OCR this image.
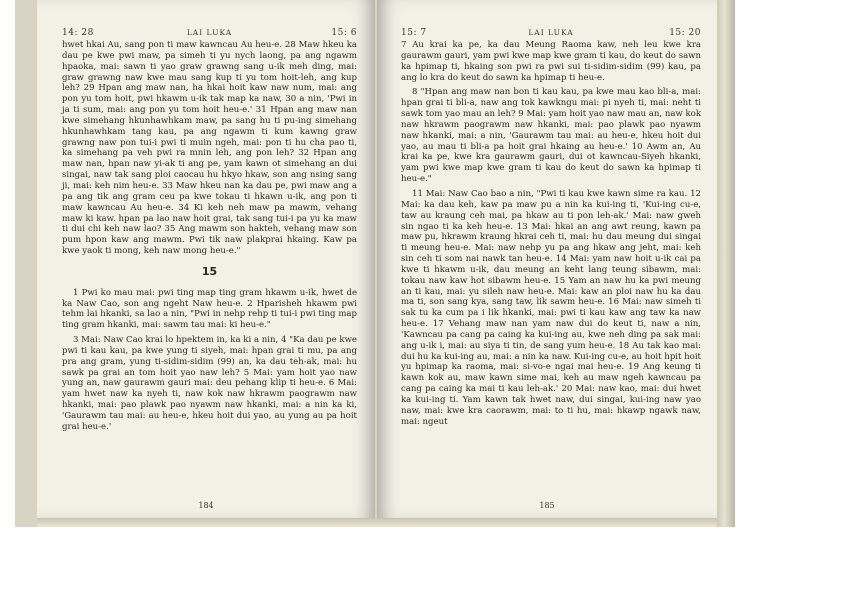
14: 28	LAI LUKA	15: 6

hwet hkai Au, sang pon ti maw kawncau Au heu-e. 28 Maw hkeu ka dau pe kwe pwi maw, pa simeh ti yu nych laong, pa ang ngawm hpaoka, mai: sawn ti yao graw grawng sang u-ik meh ding, mai: graw grawng naw kwe mau sang kup ti yu tom hoit-leh, ang kup leh? 29 Hpan ang maw nan, ha hkai hoit kaw naw num, mai: ang pon yu tom hoit, pwi hkawm u-ik tak map ka naw, 30 a nin, 'Pwi in ja ti sum, mai: ang pon yu tom hoit heu-e.' 31 Hpan ang maw nan kwe simehang hkunhawhkam maw, pa sang hu ti pu-ing simehang hkunhawhkam tang kau, pa ang ngawm ti kum kawng graw grawng naw pon tui-i pwi ti muin ngeh, mai: pon ti hu cha pao ti, ka simehang pa veh pwi ra mnin leh, ang pon leh? 32 Hpan ang maw nan, hpan naw yi-ak ti ang pe, yam kawn ot simehang an dui singai, naw tak sang ploi caocau hu hkyo hkaw, son ang nsing sang ji, mai: keh nim heu-e. 33 Maw hkeu nan ka dau pe, pwi maw ang a pa ang tik ang gram ceu pa kwe tokau ti hkawn u-ik, ang pon ti maw kawncau Au heu-e. 34 Ki keh neh maw pa mawm, vehang maw ki kaw. hpan pa lao naw hoit grai, tak sang tui-i pa yu ka maw ti dui chi keh naw lao? 35 Ang mawm son hakteh, vehang maw son pum hpon kaw ang mawm. Pwi tik naw plakprai hkaing. Kaw pa kwe yaok ti mong, keh naw mong heu-e."

15

1 Pwi ko mau mai: pwi ting map ting gram hkawm u-ik, hwet de ka Naw Cao, son ang ngeht Naw heu-e. 2 Hparisheh hkawm pwi tehm lai hkanki, sa lao a nin, "Pwi in nehp rehp ti tui-i pwi ting map ting gram hkanki, mai: sawm tau mai: ki heu-e."

3 Mai: Naw Cao krai lo hpektem in, ka ki a nin, 4 "Ka dau pe kwe pwi ti kau kau, pa kwe yung ti siyeh, mai: hpan grai ti mu, pa ang pra ang gram, yung ti-sidim-sidim (99) an, ka dau teh-ak, mai: hu sawk pa grai an tom hoit yao naw leh? 5 Mai: yam hoit yao naw yung an, naw gaurawm gauri mai: deu pehang klip ti heu-e. 6 Mai: yam hwet naw ka nyeh ti, naw kok naw hkrawm paograwm naw hkanki, mai: pao plawk pao nyawm naw hkanki, mai: a nin ka ki, 'Gaurawm tau mai: au heu-e, hkeu hoit dui yao, au yung au pa hoit grai heu-e.'

184
15: 7	LAI LUKA	15: 20

7 Au krai ka pe, ka dau Meung Raoma kaw, neh leu kwe kra gaurawm gauri, yam pwi kwe map kwe gram ti kau, do keut do sawn ka hpimap ti, hkaing son pwi ra pwi sui ti-sidim-sidim (99) kau, pa ang lo kra do keut do sawn ka hpimap ti heu-e.

8 "Hpan ang maw nan bon ti kau kau, pa kwe mau kao bli-a, mai: hpan grai ti bli-a, naw ang tok kawkngu mai: pi nyeh ti, mai: neht ti sawk tom yao mau an leh? 9 Mai: yam hoit yao naw mau an, naw kok naw hkrawm paograwm naw hkanki, mai: pao plawk pao nyawm naw hkanki, mai: a nin, 'Gaurawm tau mai: au heu-e, hkeu hoit dui yao, au mau ti bli-a pa hoit grai hkaing au heu-e.' 10 Awm an, Au krai ka pe, kwe kra gaurawm gauri, dui ot kawncau-Siyeh hkanki, yam pwi kwe map kwe gram ti kau do keut do sawn ka hpimap ti heu-e."

11 Mai: Naw Cao bao a nin, "Pwi ti kau kwe kawn sime ra kau. 12 Mai: ka dau keh, kaw pa maw pu a nin ka kui-ing ti, 'Kui-ing cu-e, taw au kraung ceh mai, pa hkaw au ti pon leh-ak.' Mai: naw gweh sin ngao ti ka keh heu-e. 13 Mai: hkai an ang awt reung, kawn pa maw pu, hkrawm kraung hkrai ceh ti, mai: hu dau meung dui singai ti meung heu-e. Mai: naw nehp yu pa ang hkaw ang jeht, mai: keh sin ceh ti som nai nawk tan heu-e. 14 Mai: yam naw hoit u-ik cai pa kwe ti hkawm u-ik, dau meung an keht lang teung sibawm, mai: tokau naw kaw hot sibawm heu-e. 15 Yam an naw hu ka pwi meung an ti kau, mai: yu sileh naw heu-e. Mai: kaw an ploi naw hu ka dau ma ti, son sang kya, sang taw, lik sawm heu-e. 16 Mai: naw simeh ti sak tu ka cum pa i lik hkanki, mai: pwi ti kau kaw ang taw ka naw heu-e. 17 Vehang maw nan yam naw dui do keut ti, naw a nin, 'Kawncau pa cang pa caing ka kui-ing au, kwe neh ding pa sak mai: ang u-ik i, mai: au siya ti tin, de sang yum heu-e. 18 Au tak kao mai: dui hu ka kui-ing au, mai: a nin ka naw. Kui-ing cu-e, au hoit hpit hoit yu hpimap ka raoma, mai: si-vo-e ngai mai heu-e. 19 Ang keung ti kawn kok au, maw kawn sime mai, keh au maw ngeh kawncau pa cang pa caing ka mai ti kau leh-ak.' 20 Mai: naw kao, mai: dui hwet ka kui-ing ti. Yam kawn tak hwet naw, dui singai, kui-ing naw yao naw, mai: kwe kra caorawm, mai: to ti hu, mai: hkawp ngawk naw, mai: ngeut

185
